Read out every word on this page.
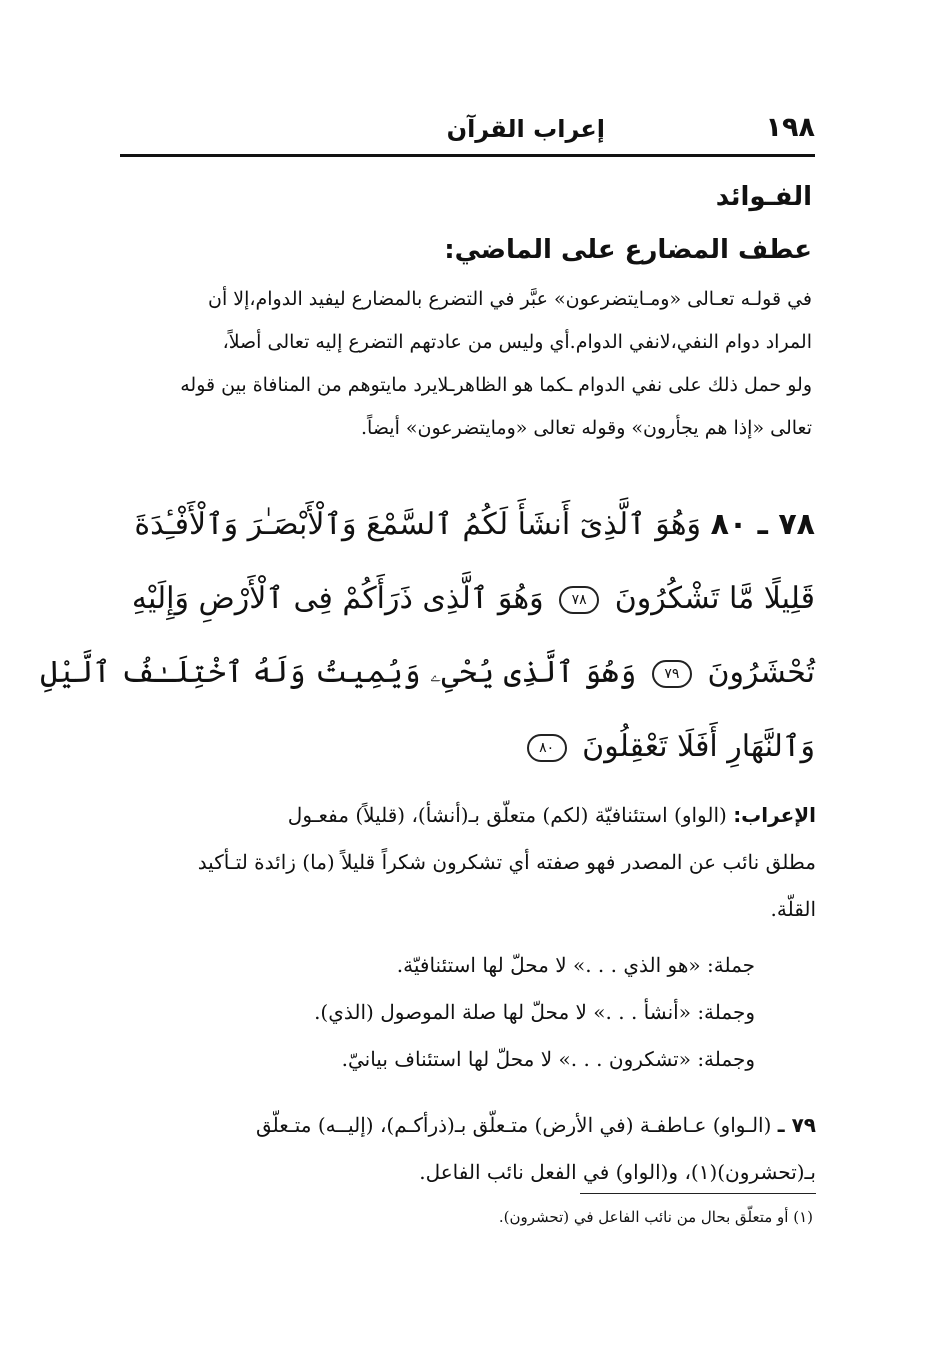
١٩٨
إعراب القرآن
الفـوائد
عطف المضارع على الماضي:
في قولـه تعـالى «ومـايتضرعون» عبَّر في التضرع بالمضارع ليفيد الدوام،إلا أن
المراد دوام النفي،لانفي الدوام.أي وليس من عادتهم التضرع إليه تعالى أصلاً،
ولو حمل ذلك على نفي الدوام ـكما هو الظاهرـلايرد مايتوهم من المنافاة بين قوله
تعالى «إذا هم يجأرون» وقوله تعالى «ومايتضرعون» أيضاً.
٧٨ ـ ٨٠ وَهُوَ ٱلَّذِىٓ أَنشَأَ لَكُمُ ٱلسَّمْعَ وَٱلْأَبْصَـٰرَ وَٱلْأَفْـِٔدَةَ
قَلِيلًا مَّا تَشْكُرُونَ ٧٨ وَهُوَ ٱلَّذِى ذَرَأَكُمْ فِى ٱلْأَرْضِ وَإِلَيْهِ
تُحْشَرُونَ ٧٩ وَهُوَ ٱلَّذِى يُحْىِۦ وَيُمِيتُ وَلَهُ ٱخْتِلَـٰفُ ٱلَّيْلِ
وَٱلنَّهَارِ أَفَلَا تَعْقِلُونَ ٨٠
الإعراب: (الواو) استئنافيّة (لكم) متعلّق بـ(أنشأ)، (قليلاً) مفعـول
مطلق نائب عن المصدر فهو صفته أي تشكرون شكراً قليلاً (ما) زائدة لتـأكيد
القلّة.
جملة: «هو الذي . . .» لا محلّ لها استئنافيّة.
وجملة: «أنشأ . . .» لا محلّ لها صلة الموصول (الذي).
وجملة: «تشكرون . . .» لا محلّ لها استئناف بيانيّ.
٧٩ ـ (الـواو) عـاطفـة (في الأرض) متـعلّق بـ(ذرأكـم)، (إليــه) متـعلّق
بـ(تحشرون)(١)، و(الواو) في الفعل نائب الفاعل.
(١) أو متعلّق بحال من نائب الفاعل في (تحشرون).
